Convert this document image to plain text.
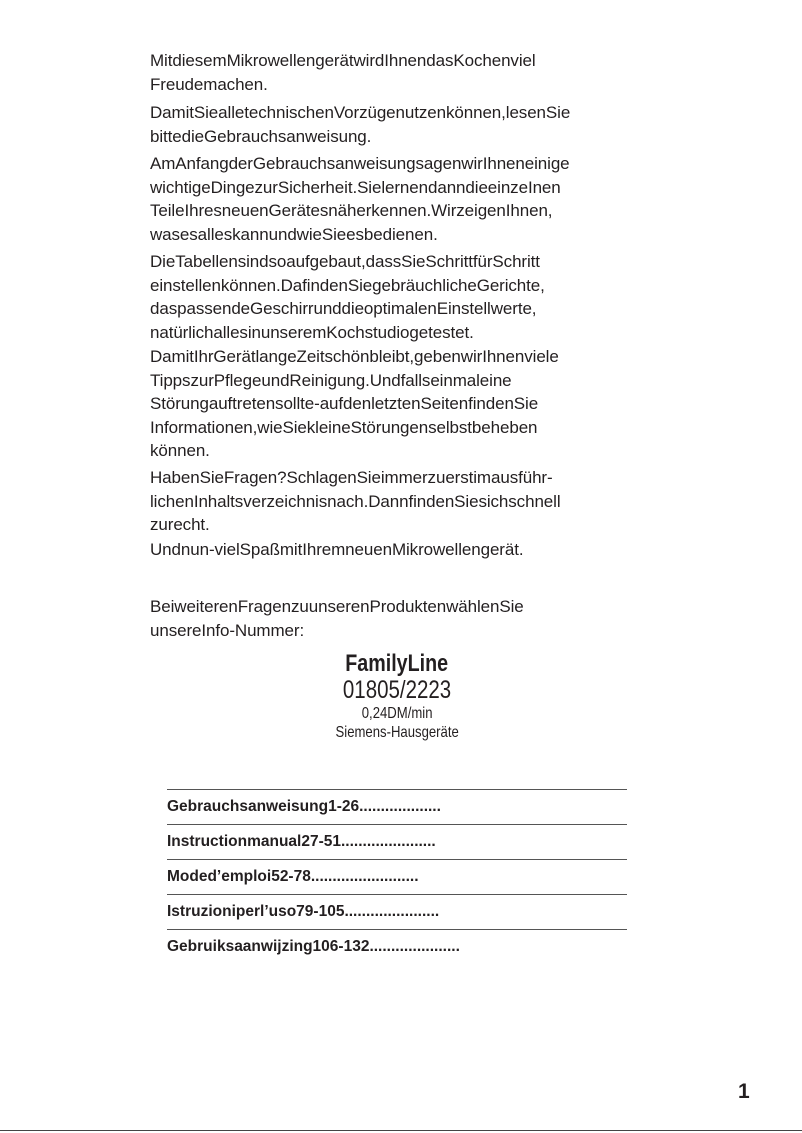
MitdiesemMikrowellengerätwirdIhnendasKochenviel
Freudemachen.
DamitSiealletechnischenVorzügenutzenkönnen,lesenSie
bittedieGebrauchsanweisung.
AmAnfangderGebrauchsanweisungsagenwirIhneneinige
wichtigeDingezurSicherheit.SielernendanndieeinzeInen
TeileIhresneuenGerätesnäherkennen.WirzeigenIhnen,
wasesalleskannundwieSieesbedienen.
DieTabellensindsoaufgebaut,dassSieSchrittfürSchritt
einstellenkönnen.DafindenSiegebräuchlicheGerichte,
daspassendeGeschirrunddieoptimalenEinstellwerte,
natürlichallesinunseremKochstudiogetestet.
DamitIhrGerätlangeZeitschönbleibt,gebenwirIhnenviele
TippszurPflegeundReinigung.Undfallseinmaleine
Störungauftretensollte-aufdenletztenSeitenfindenSie
Informationen,wieSiekleineStörungenselbstbeheben
können.
HabenSieFragen?SchlagenSieimmerzuerstimausführ-
lichenInhaltsverzeichnisnach.DannfindenSiesichschnell
zurecht.
Undnun-vielSpaßmitIhremneuenMikrowellengerät.
BeiweiterenFragenzuunserenProduktenwählenSie
unsereInfo-Nummer:
FamilyLine
01805/2223
0,24DM/min
Siemens-Hausgeräte
Gebrauchsanweisung1-26...................
Instructionmanual27-51......................
Moded’emploi52-78.........................
Istruzioniperl’uso79-105......................
Gebruiksaanwijzing106-132.....................
1
